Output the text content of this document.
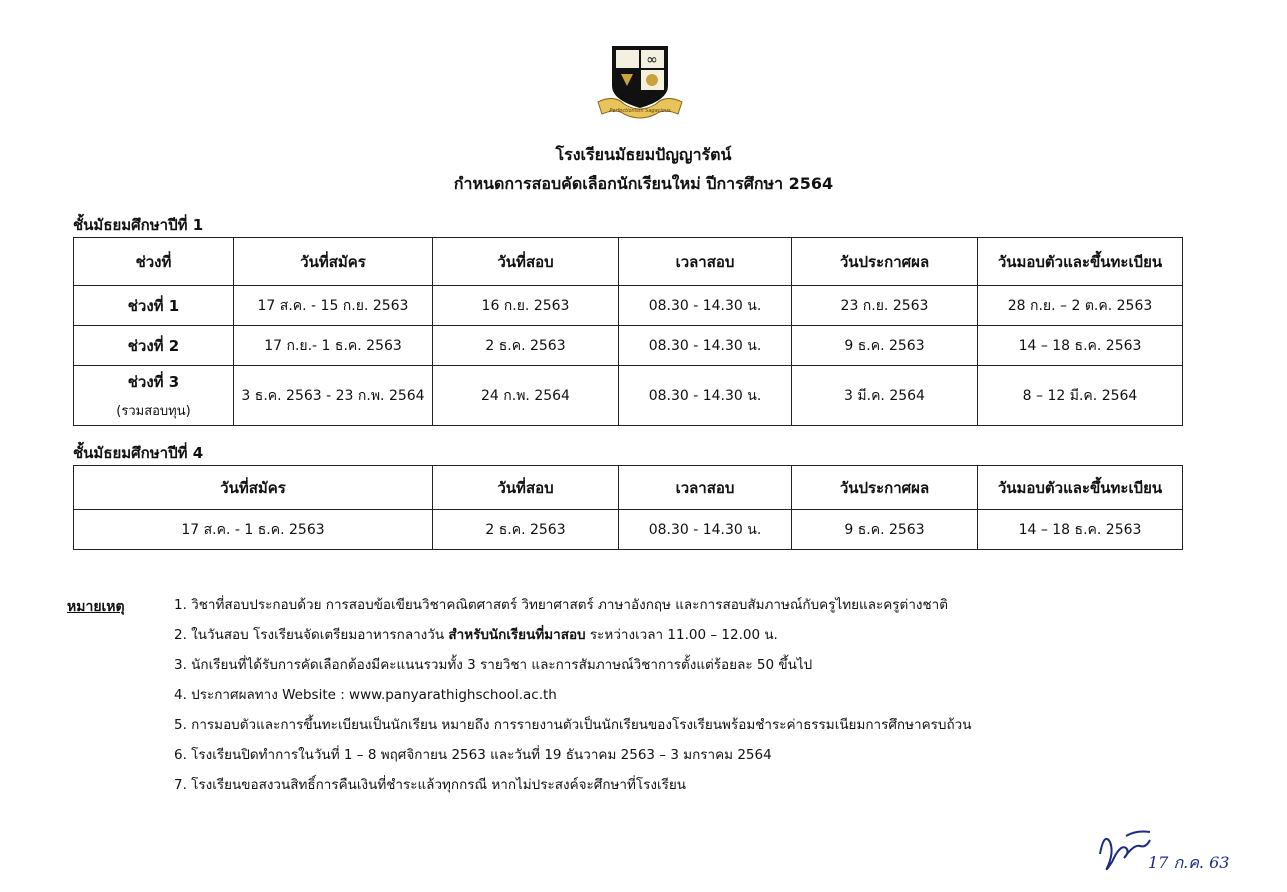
∞
Perfectionism Sagacious
โรงเรียนมัธยมปัญญารัตน์
กำหนดการสอบคัดเลือกนักเรียนใหม่ ปีการศึกษา 2564
ชั้นมัธยมศึกษาปีที่ 1
ช่วงที่	วันที่สมัคร	วันที่สอบ	เวลาสอบ	วันประกาศผล	วันมอบตัวและขึ้นทะเบียน
ช่วงที่ 1	17 ส.ค. - 15 ก.ย. 2563	16 ก.ย. 2563	08.30 - 14.30 น.	23 ก.ย. 2563	28 ก.ย. – 2 ต.ค. 2563
ช่วงที่ 2	17 ก.ย.- 1 ธ.ค. 2563	2 ธ.ค. 2563	08.30 - 14.30 น.	9 ธ.ค. 2563	14 – 18 ธ.ค. 2563
ช่วงที่ 3
(รวมสอบทุน)	3 ธ.ค. 2563 - 23 ก.พ. 2564	24 ก.พ. 2564	08.30 - 14.30 น.	3 มี.ค. 2564	8 – 12 มี.ค. 2564
ชั้นมัธยมศึกษาปีที่ 4
วันที่สมัคร	วันที่สอบ	เวลาสอบ	วันประกาศผล	วันมอบตัวและขึ้นทะเบียน
17 ส.ค. - 1 ธ.ค. 2563	2 ธ.ค. 2563	08.30 - 14.30 น.	9 ธ.ค. 2563	14 – 18 ธ.ค. 2563
หมายเหตุ	1. วิชาที่สอบประกอบด้วย การสอบข้อเขียนวิชาคณิตศาสตร์ วิทยาศาสตร์ ภาษาอังกฤษ และการสอบสัมภาษณ์กับครูไทยและครูต่างชาติ
2. ในวันสอบ โรงเรียนจัดเตรียมอาหารกลางวัน สำหรับนักเรียนที่มาสอบ ระหว่างเวลา 11.00 – 12.00 น.
3. นักเรียนที่ได้รับการคัดเลือกต้องมีคะแนนรวมทั้ง 3 รายวิชา และการสัมภาษณ์วิชาการตั้งแต่ร้อยละ 50 ขึ้นไป
4. ประกาศผลทาง Website : www.panyarathighschool.ac.th
5. การมอบตัวและการขึ้นทะเบียนเป็นนักเรียน หมายถึง การรายงานตัวเป็นนักเรียนของโรงเรียนพร้อมชำระค่าธรรมเนียมการศึกษาครบถ้วน
6. โรงเรียนปิดทำการในวันที่ 1 – 8 พฤศจิกายน 2563 และวันที่ 19 ธันวาคม 2563 – 3 มกราคม 2564
7. โรงเรียนขอสงวนสิทธิ์การคืนเงินที่ชำระแล้วทุกกรณี หากไม่ประสงค์จะศึกษาที่โรงเรียน
17 ก.ค. 63
